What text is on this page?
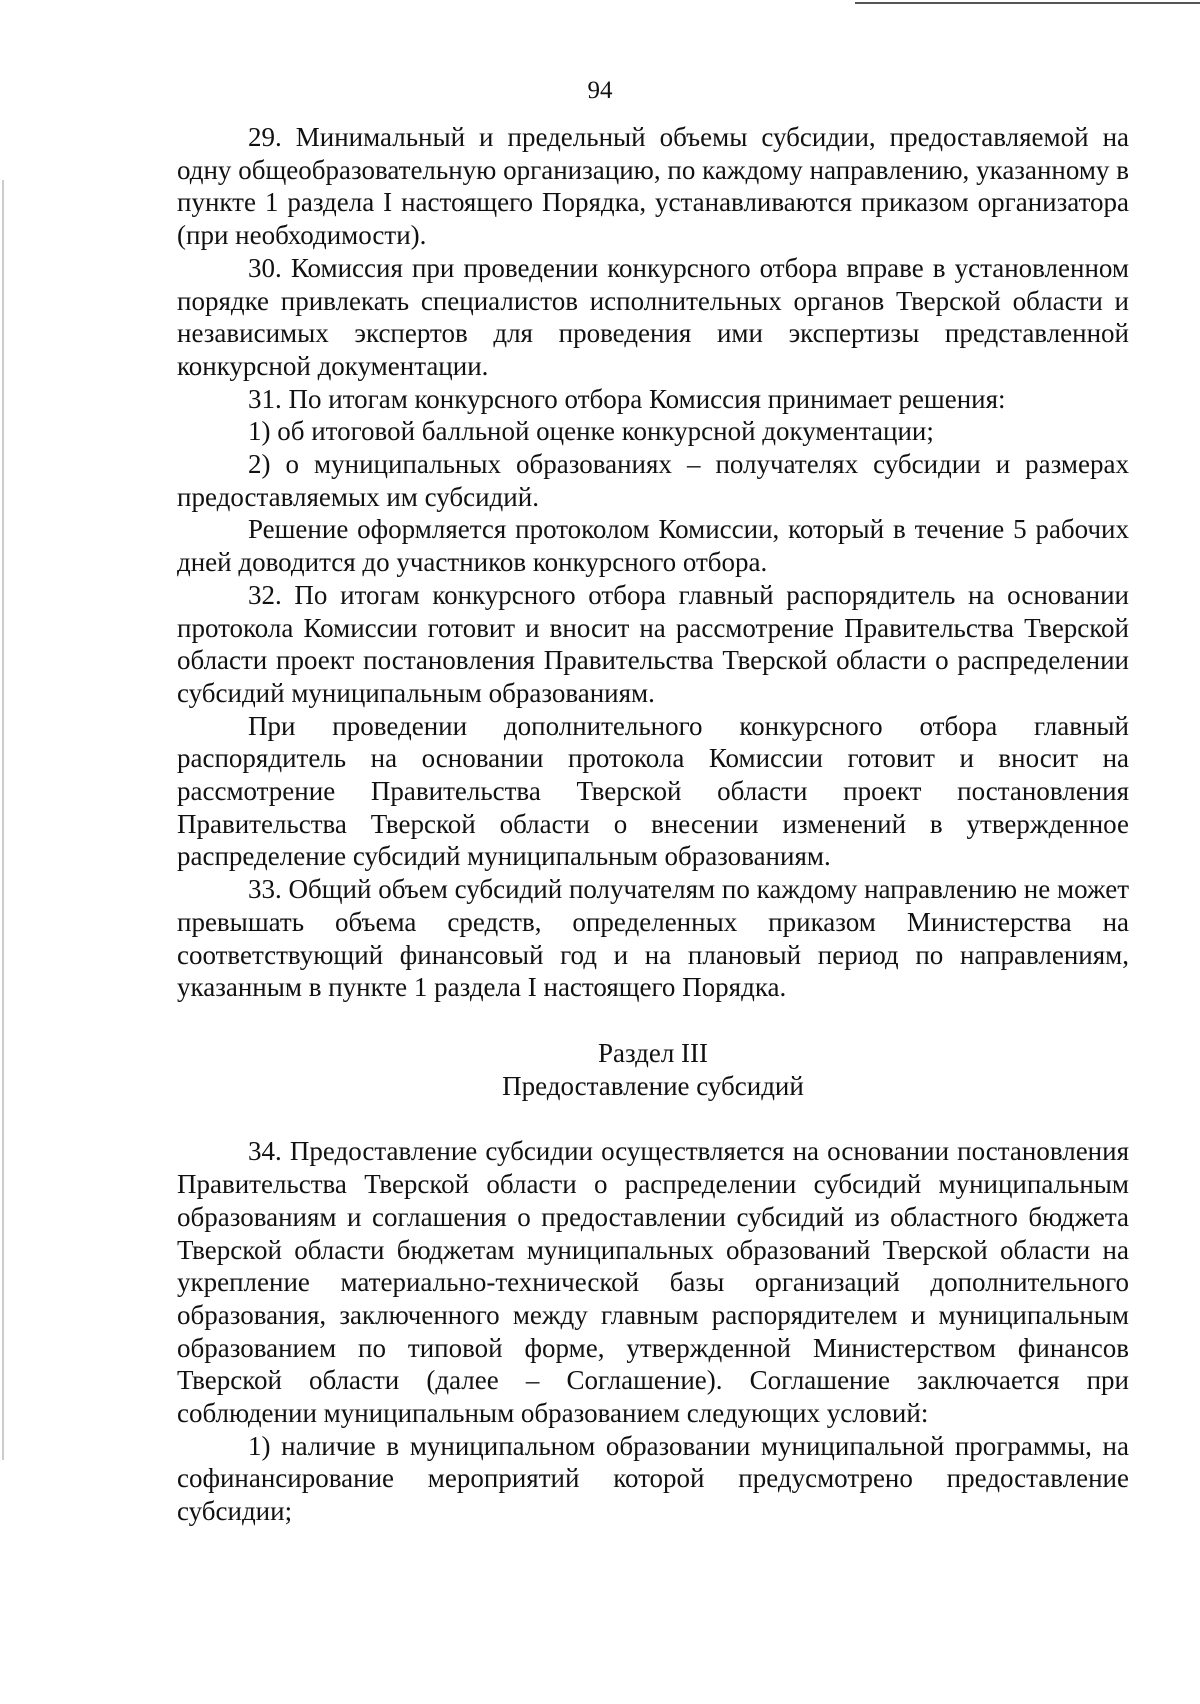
94

29. Минимальный и предельный объемы субсидии, предоставляемой на одну общеобразовательную организацию, по каждому направлению, указанному в пункте 1 раздела I настоящего Порядка, устанавливаются приказом организатора (при необходимости).

30. Комиссия при проведении конкурсного отбора вправе в установленном порядке привлекать специалистов исполнительных органов Тверской области и независимых экспертов для проведения ими экспертизы представленной конкурсной документации.

31. По итогам конкурсного отбора Комиссия принимает решения:

1) об итоговой балльной оценке конкурсной документации;

2) о муниципальных образованиях – получателях субсидии и размерах предоставляемых им субсидий.

Решение оформляется протоколом Комиссии, который в течение 5 рабочих дней доводится до участников конкурсного отбора.

32. По итогам конкурсного отбора главный распорядитель на основании протокола Комиссии готовит и вносит на рассмотрение Правительства Тверской области проект постановления Правительства Тверской области о распределении субсидий муниципальным образованиям.

При проведении дополнительного конкурсного отбора главный распорядитель на основании протокола Комиссии готовит и вносит на рассмотрение Правительства Тверской области проект постановления Правительства Тверской области о внесении изменений в утвержденное распределение субсидий муниципальным образованиям.

33. Общий объем субсидий получателям по каждому направлению не может превышать объема средств, определенных приказом Министерства на соответствующий финансовый год и на плановый период по направлениям, указанным в пункте 1 раздела I настоящего Порядка.

Раздел III

Предоставление субсидий

34. Предоставление субсидии осуществляется на основании постановления Правительства Тверской области о распределении субсидий муниципальным образованиям и соглашения о предоставлении субсидий из областного бюджета Тверской области бюджетам муниципальных образований Тверской области на укрепление материально-технической базы организаций дополнительного образования, заключенного между главным распорядителем и муниципальным образованием по типовой форме, утвержденной Министерством финансов Тверской области (далее – Соглашение). Соглашение заключается при соблюдении муниципальным образованием следующих условий:

1) наличие в муниципальном образовании муниципальной программы, на софинансирование мероприятий которой предусмотрено предоставление субсидии;
